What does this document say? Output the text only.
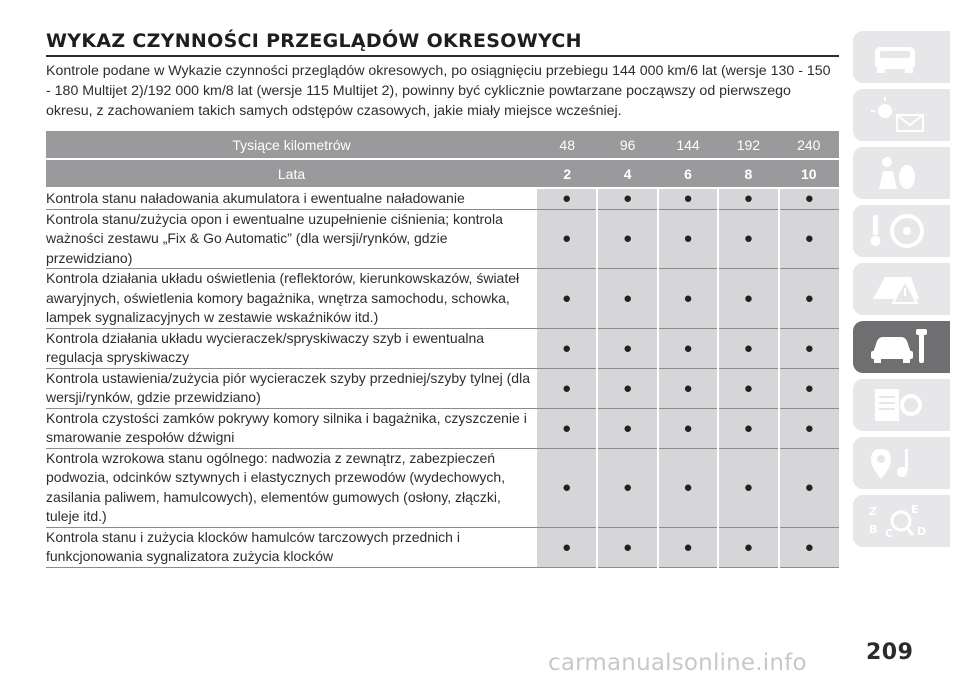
WYKAZ CZYNNOŚCI PRZEGLĄDÓW OKRESOWYCH
Kontrole podane w Wykazie czynności przeglądów okresowych, po osiągnięciu przebiegu 144 000 km/6 lat (wersje 130 - 150 - 180 Multijet 2)/192 000 km/8 lat (wersje 115 Multijet 2), powinny być cyklicznie powtarzane począwszy od pierwszego okresu, z zachowaniem takich samych odstępów czasowych, jakie miały miejsce wcześniej.
Tysiące kilometrów	48	96	144	192	240
Lata	2	4	6	8	10
Kontrola stanu naładowania akumulatora i ewentualne naładowanie	●	●	●	●	●
Kontrola stanu/zużycia opon i ewentualne uzupełnienie ciśnienia; kontrola ważności zestawu „Fix & Go Automatic” (dla wersji/rynków, gdzie przewidziano)	●	●	●	●	●
Kontrola działania układu oświetlenia (reflektorów, kierunkowskazów, świateł awaryjnych, oświetlenia komory bagażnika, wnętrza samochodu, schowka, lampek sygnalizacyjnych w zestawie wskaźników itd.)	●	●	●	●	●
Kontrola działania układu wycieraczek/spryskiwaczy szyb i ewentualna regulacja spryskiwaczy	●	●	●	●	●
Kontrola ustawienia/zużycia piór wycieraczek szyby przedniej/szyby tylnej (dla wersji/rynków, gdzie przewidziano)	●	●	●	●	●
Kontrola czystości zamków pokrywy komory silnika i bagażnika, czyszczenie i smarowanie zespołów dźwigni	●	●	●	●	●
Kontrola wzrokowa stanu ogólnego: nadwozia z zewnątrz, zabezpieczeń podwozia, odcinków sztywnych i elastycznych przewodów (wydechowych, zasilania paliwem, hamulcowych), elementów gumowych (osłony, złączki, tuleje itd.)	●	●	●	●	●
Kontrola stanu i zużycia klocków hamulców tarczowych przednich i funkcjonowania sygnalizatora zużycia klocków	●	●	●	●	●
Z	E
B C D
209
carmanualsonline.info
